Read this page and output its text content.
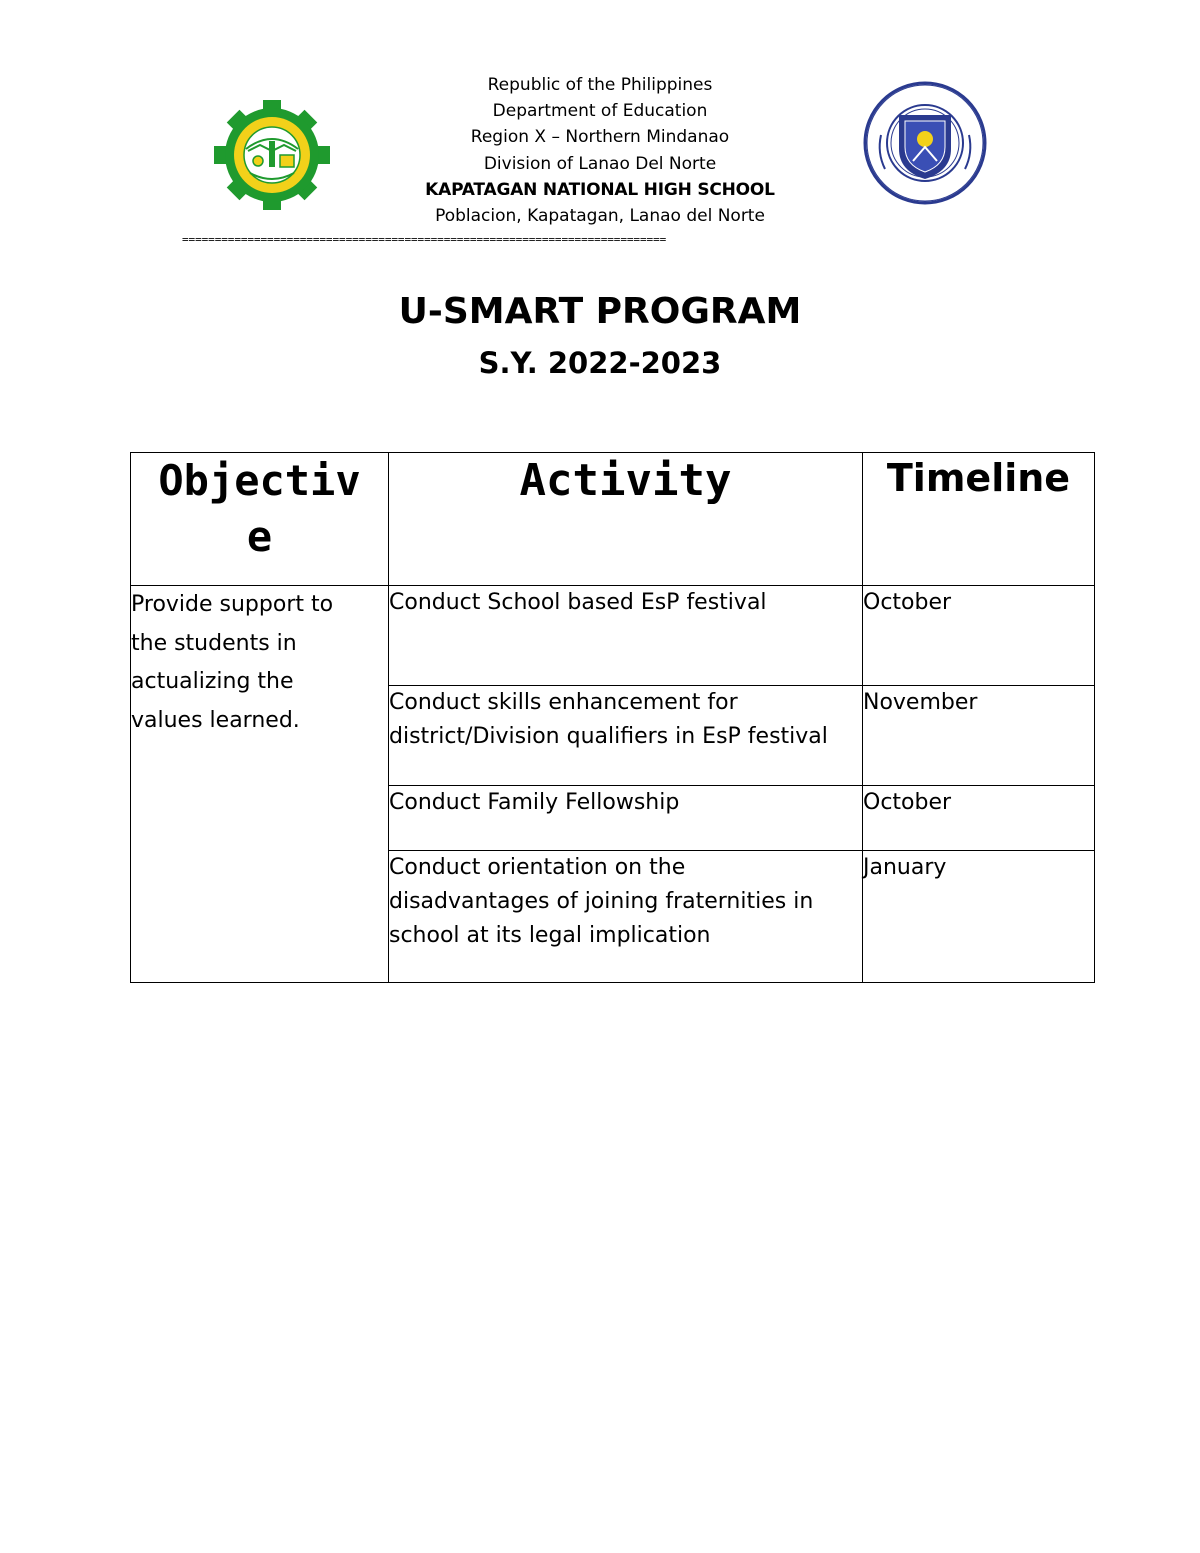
Republic of the Philippines
Department of Education
Region X – Northern Mindanao
Division of Lanao Del Norte
KAPATAGAN NATIONAL HIGH SCHOOL
Poblacion, Kapatagan, Lanao del Norte
==========================================================================
U-SMART PROGRAM
S.Y. 2022-2023
Objectiv
e	Activity	Timeline

Provide support to
the students in
actualizing the
values learned.	Conduct School based EsP festival	October

	Conduct skills enhancement for
district/Division qualifiers in EsP festival	November

	Conduct Family Fellowship	October

	Conduct orientation on the
disadvantages of joining fraternities in
school at its legal implication	January
